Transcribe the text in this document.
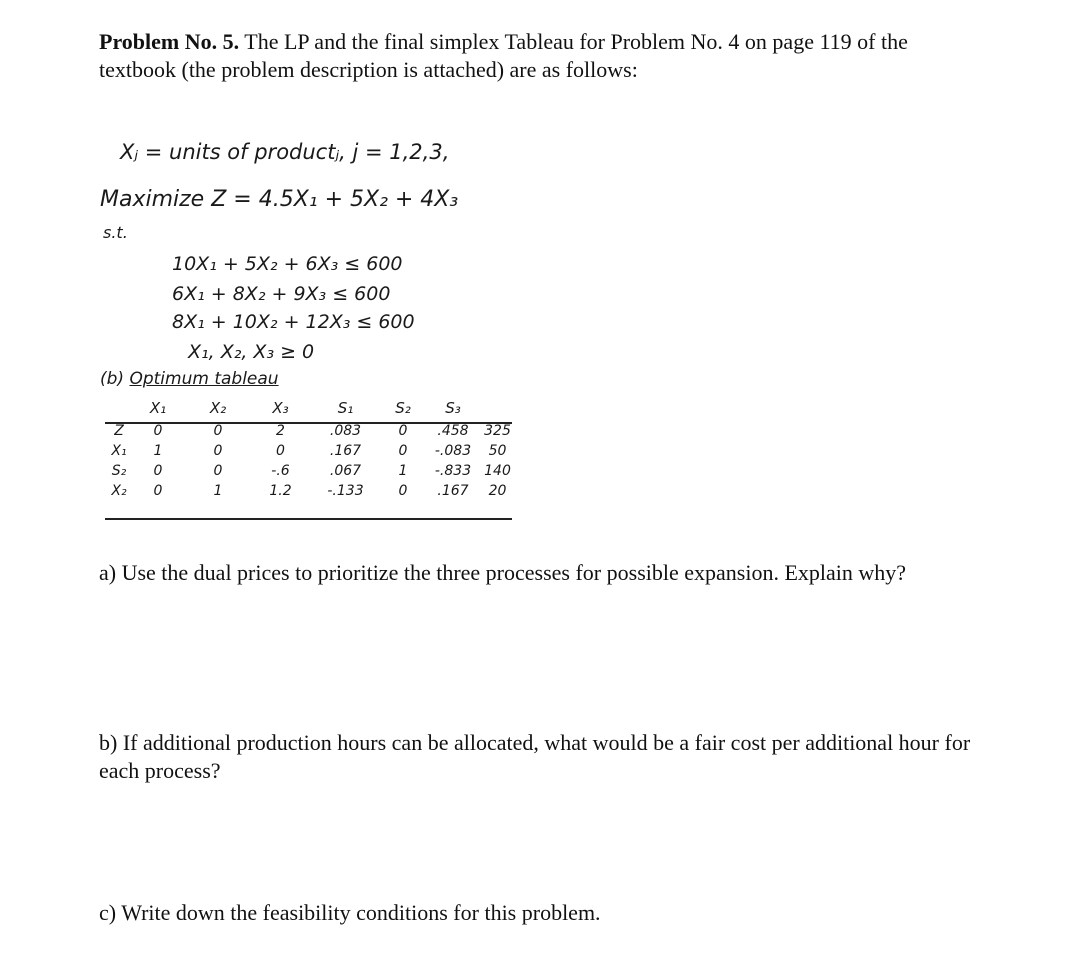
Problem No. 5. The LP and the final simplex Tableau for Problem No. 4 on page 119 of the textbook (the problem description is attached) are as follows:
Xⱼ = units of productⱼ, j = 1,2,3,
Maximize Z = 4.5X₁ + 5X₂ + 4X₃
s.t.
10X₁ + 5X₂ + 6X₃ ≤ 600
6X₁ + 8X₂ + 9X₃ ≤ 600
8X₁ + 10X₂ + 12X₃ ≤ 600
X₁, X₂, X₃ ≥ 0
(b) Optimum tableau
	X₁	X₂	X₃	S₁	S₂	S₃	
Z	0	0	2	.083	0	.458	325
X₁	1	0	0	.167	0	-.083	50
S₂	0	0	-.6	.067	1	-.833	140
X₂	0	1	1.2	-.133	0	.167	20
a) Use the dual prices to prioritize the three processes for possible expansion. Explain why?
b) If additional production hours can be allocated, what would be a fair cost per additional hour for each process?
c) Write down the feasibility conditions for this problem.
